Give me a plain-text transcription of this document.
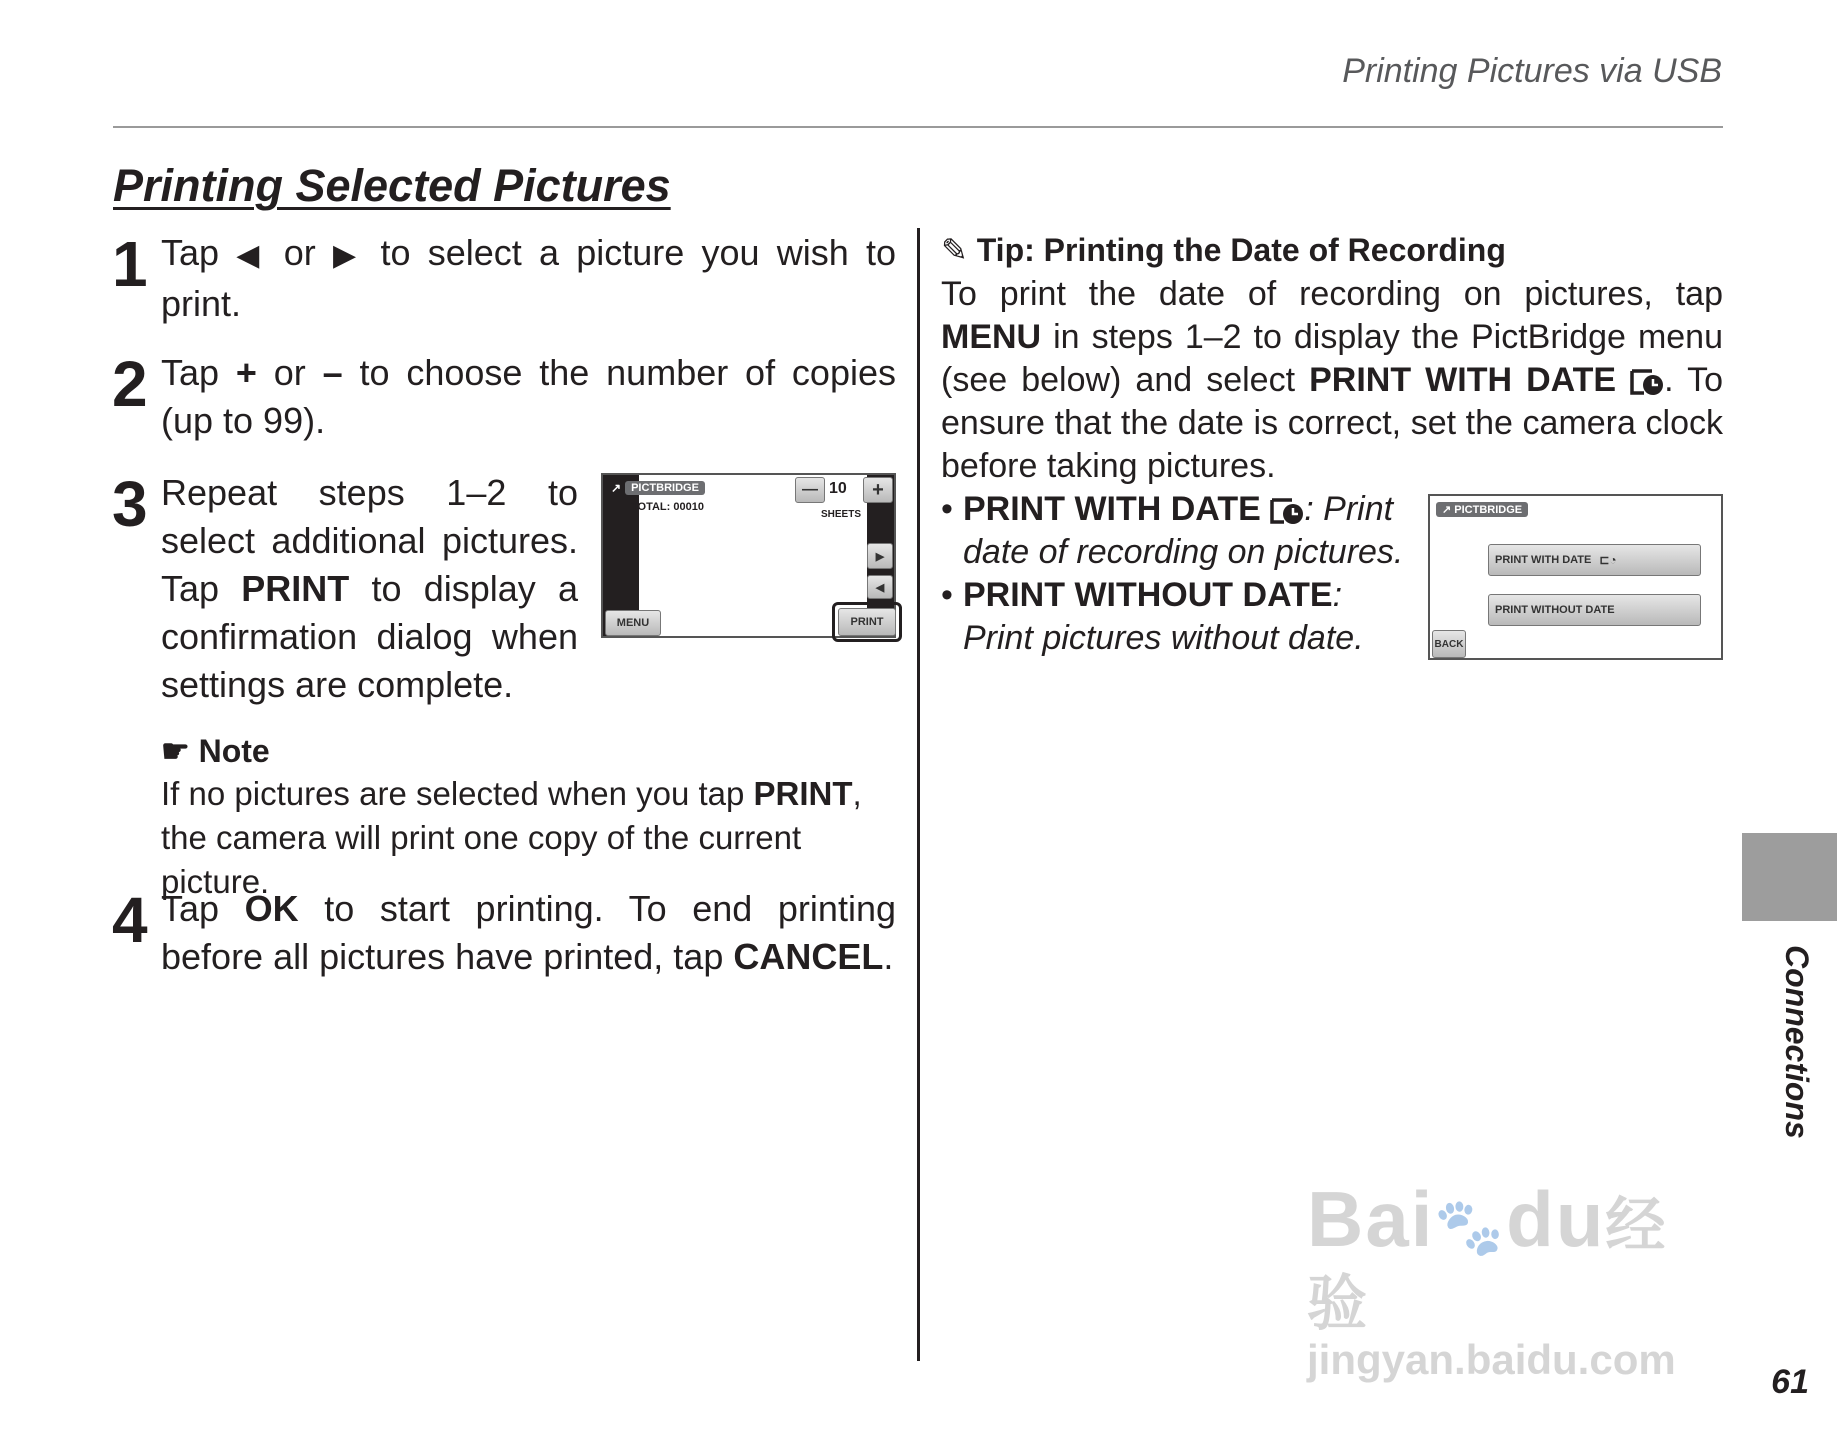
Printing Pictures via USB
Printing Selected Pictures
1 Tap ◀ or ▶ to select a picture you wish to print.
2 Tap + or – to choose the number of copies (up to 99).
3 Repeat steps 1–2 to select additional pictures. Tap PRINT to display a confirmation dialog when settings are complete.
↗ PICTBRIDGE
TOTAL: 00010
— 10	+
SHEETS
▶
◀
MENU	PRINT
☛ Note
If no pictures are selected when you tap PRINT, the camera will print one copy of the current picture.
4 Tap OK to start printing. To end printing before all pictures have printed, tap CANCEL.
✎ Tip: Printing the Date of Recording
To print the date of recording on pictures, tap MENU in steps 1–2 to display the PictBridge menu (see below) and select PRINT WITH DATE . To ensure that the date is correct, set the camera clock before taking pictures.
• PRINT WITH DATE : Print date of recording on pictures.
• PRINT WITHOUT DATE: Print pictures without date.
↗ PICTBRIDGE
PRINT WITH DATE ⊏◔
PRINT WITHOUT DATE
BACK
Connections
Bai🐾du经验
jingyan.baidu.com	61
